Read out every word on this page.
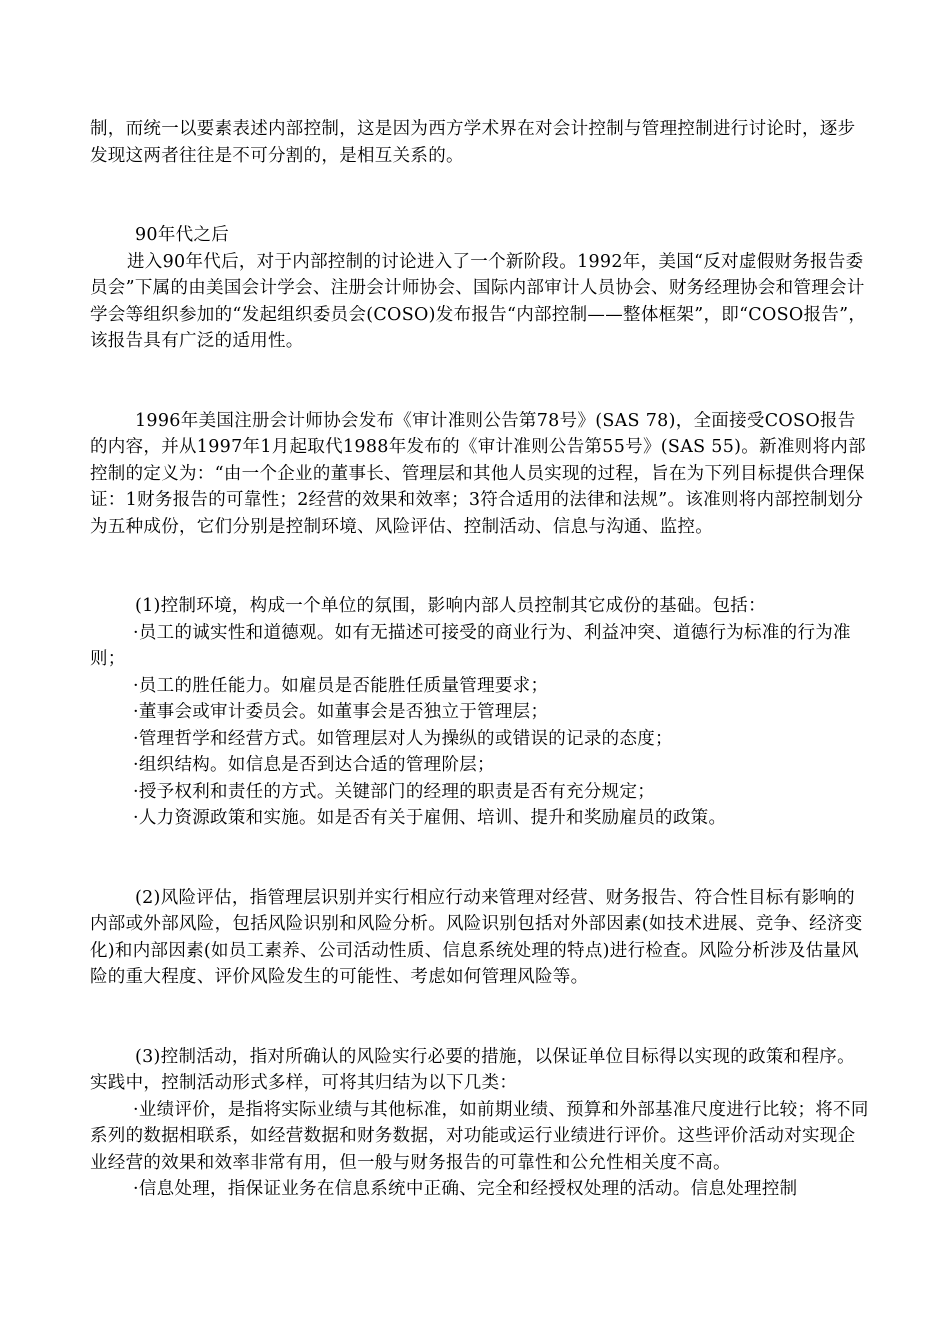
制，而统一以要素表述内部控制，这是因为西方学术界在对会计控制与管理控制进行讨论时，逐步发现这两者往往是不可分割的，是相互关系的。

90年代之后

进入90年代后，对于内部控制的讨论进入了一个新阶段。1992年，美国“反对虚假财务报告委员会”下属的由美国会计学会、注册会计师协会、国际内部审计人员协会、财务经理协会和管理会计学会等组织参加的“发起组织委员会(COSO)发布报告“内部控制——整体框架”，即“COSO报告”，该报告具有广泛的适用性。

1996年美国注册会计师协会发布《审计准则公告第78号》(SAS 78)，全面接受COSO报告的内容，并从1997年1月起取代1988年发布的《审计准则公告第55号》(SAS 55)。新准则将内部控制的定义为：“由一个企业的董事长、管理层和其他人员实现的过程，旨在为下列目标提供合理保证：1财务报告的可靠性；2经营的效果和效率；3符合适用的法律和法规”。该准则将内部控制划分为五种成份，它们分别是控制环境、风险评估、控制活动、信息与沟通、监控。

(1)控制环境，构成一个单位的氛围，影响内部人员控制其它成份的基础。包括：

·员工的诚实性和道德观。如有无描述可接受的商业行为、利益冲突、道德行为标准的行为准则；

·员工的胜任能力。如雇员是否能胜任质量管理要求；

·董事会或审计委员会。如董事会是否独立于管理层；

·管理哲学和经营方式。如管理层对人为操纵的或错误的记录的态度；

·组织结构。如信息是否到达合适的管理阶层；

·授予权利和责任的方式。关键部门的经理的职责是否有充分规定；

·人力资源政策和实施。如是否有关于雇佣、培训、提升和奖励雇员的政策。

(2)风险评估，指管理层识别并实行相应行动来管理对经营、财务报告、符合性目标有影响的内部或外部风险，包括风险识别和风险分析。风险识别包括对外部因素(如技术进展、竞争、经济变化)和内部因素(如员工素养、公司活动性质、信息系统处理的特点)进行检查。风险分析涉及估量风险的重大程度、评价风险发生的可能性、考虑如何管理风险等。

(3)控制活动，指对所确认的风险实行必要的措施，以保证单位目标得以实现的政策和程序。实践中，控制活动形式多样，可将其归结为以下几类：

·业绩评价，是指将实际业绩与其他标准，如前期业绩、预算和外部基准尺度进行比较；将不同系列的数据相联系，如经营数据和财务数据，对功能或运行业绩进行评价。这些评价活动对实现企业经营的效果和效率非常有用，但一般与财务报告的可靠性和公允性相关度不高。

·信息处理，指保证业务在信息系统中正确、完全和经授权处理的活动。信息处理控制
